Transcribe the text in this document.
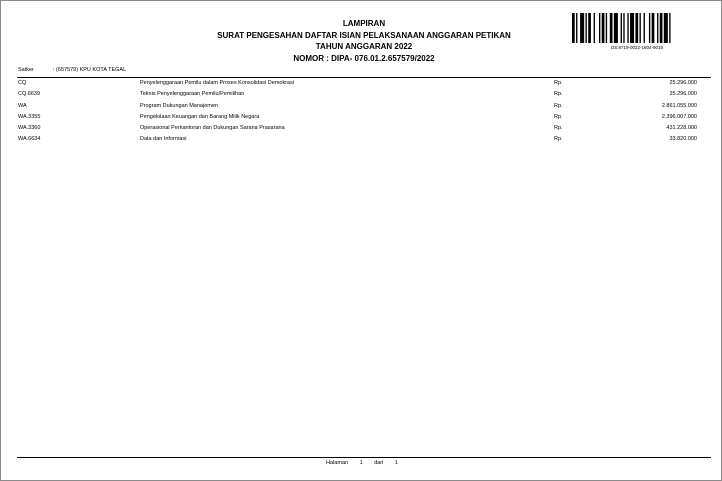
LAMPIRAN
SURAT PENGESAHAN DAFTAR ISIAN PELAKSANAAN ANGGARAN PETIKAN
TAHUN ANGGARAN 2022
NOMOR : DIPA- 076.01.2.657579/2022
DS:8719-0022-1804-9016
Satker	: (657579) KPU KOTA TEGAL
CQ	Penyelenggaraan Pemilu dalam Proses Konsolidasi Demokrasi	Rp.	25.296.000
CQ.6639	Teknis Penyelenggaraan Pemilu/Pemilihan	Rp.	25.296.000
WA	Program Dukungan Manajemen	Rp.	2.861.055.000
WA.3355	Pengelolaan Keuangan dan Barang Milik Negara	Rp.	2.396.007.000
WA.3360	Operasional Perkantoran dan Dukungan Sarana Prasarana	Rp.	431.228.000
WA.6634	Data dan Informasi	Rp.	33.820.000
Halaman 1 dari 1
